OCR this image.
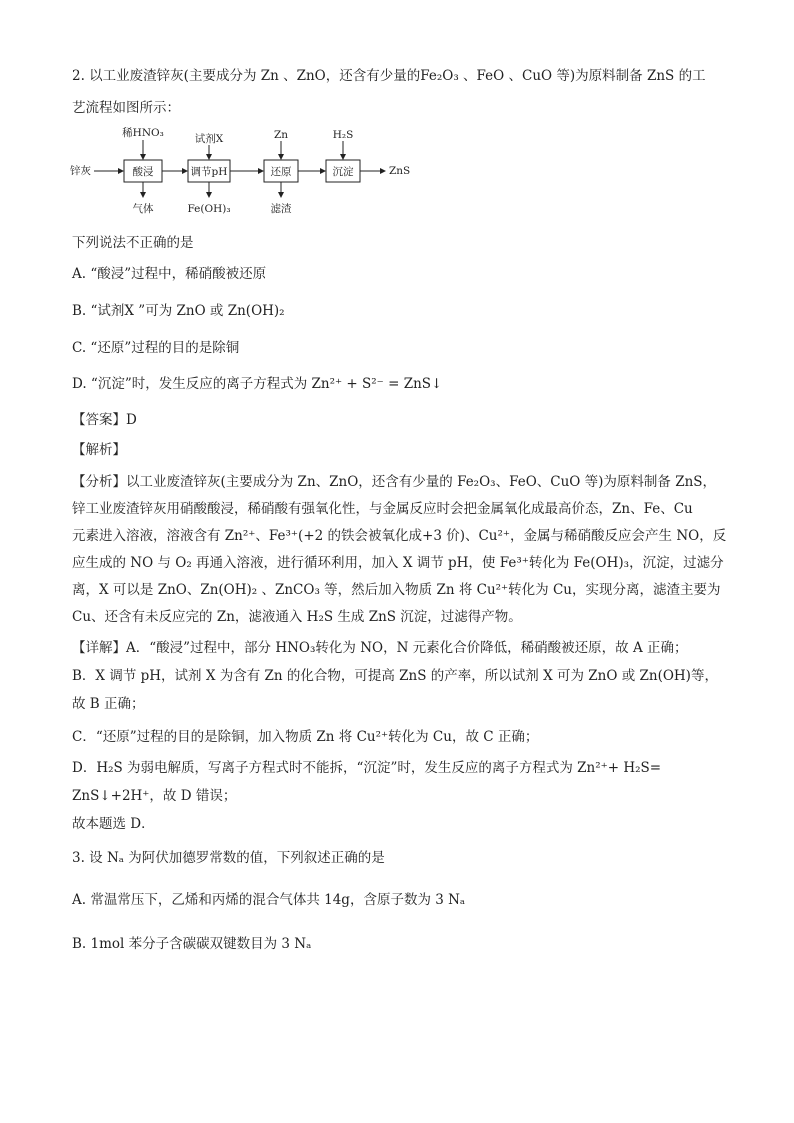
2. 以工业废渣锌灰(主要成分为 Zn 、ZnO，还含有少量的Fe₂O₃ 、FeO 、CuO 等)为原料制备 ZnS 的工
艺流程如图所示：
锌灰	酸浸
稀HNO₃
气体
调节pH
试剂X
Fe(OH)₃
还原
Zn
滤渣
沉淀
H₂S
ZnS
下列说法不正确的是
A. “酸浸”过程中，稀硝酸被还原
B. “试剂X ”可为 ZnO 或 Zn(OH)₂
C. “还原”过程的目的是除铜
D. “沉淀”时，发生反应的离子方程式为 Zn²⁺ + S²⁻ = ZnS↓
【答案】D
【解析】
【分析】以工业废渣锌灰(主要成分为 Zn、ZnO，还含有少量的 Fe₂O₃、FeO、CuO 等)为原料制备 ZnS，
锌工业废渣锌灰用硝酸酸浸，稀硝酸有强氧化性，与金属反应时会把金属氧化成最高价态，Zn、Fe、Cu
元素进入溶液，溶液含有 Zn²⁺、Fe³⁺(+2 的铁会被氧化成+3 价)、Cu²⁺，金属与稀硝酸反应会产生 NO，反
应生成的 NO 与 O₂ 再通入溶液，进行循环利用，加入 X 调节 pH，使 Fe³⁺转化为 Fe(OH)₃，沉淀，过滤分
离，X 可以是 ZnO、Zn(OH)₂ 、ZnCO₃ 等，然后加入物质 Zn 将 Cu²⁺转化为 Cu，实现分离，滤渣主要为
Cu、还含有未反应完的 Zn，滤液通入 H₂S 生成 ZnS 沉淀，过滤得产物。
【详解】A．“酸浸”过程中，部分 HNO₃转化为 NO，N 元素化合价降低，稀硝酸被还原，故 A 正确；
B．X 调节 pH，试剂 X 为含有 Zn 的化合物，可提高 ZnS 的产率，所以试剂 X 可为 ZnO 或 Zn(OH)等，
故 B 正确；
C．“还原”过程的目的是除铜，加入物质 Zn 将 Cu²⁺转化为 Cu，故 C 正确；
D．H₂S 为弱电解质，写离子方程式时不能拆，“沉淀”时，发生反应的离子方程式为 Zn²⁺+ H₂S=
ZnS↓+2H⁺，故 D 错误；
故本题选 D．
3. 设 Nₐ 为阿伏加德罗常数的值，下列叙述正确的是
A. 常温常压下，乙烯和丙烯的混合气体共 14g，含原子数为 3 Nₐ
B. 1mol 苯分子含碳碳双键数目为 3 Nₐ
